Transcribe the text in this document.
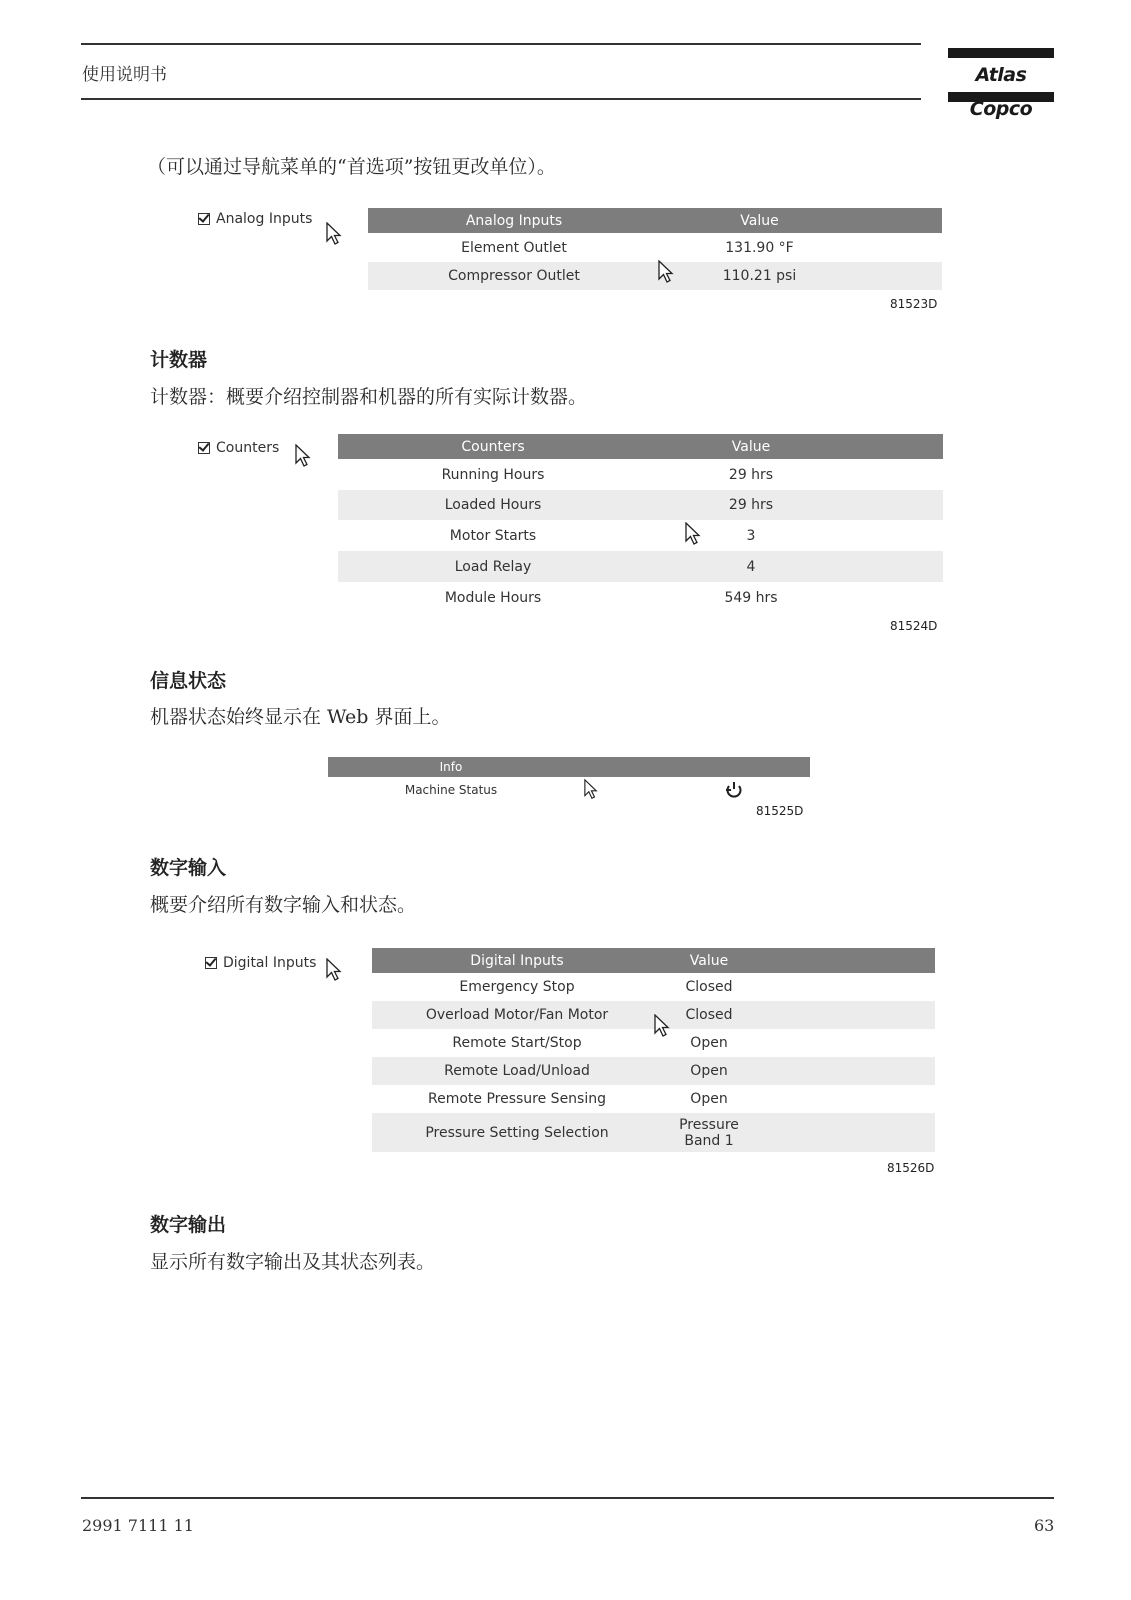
使用说明书	Atlas Copco
（可以通过导航菜单的“首选项”按钮更改单位）。
Analog Inputs	Analog Inputs	Value
Element Outlet	131.90 °F
Compressor Outlet	110.21 psi
81523D
计数器
计数器：概要介绍控制器和机器的所有实际计数器。
Counters	Counters	Value
Running Hours	29 hrs
Loaded Hours	29 hrs
Motor Starts	3
Load Relay	4
Module Hours	549 hrs
81524D
信息状态
机器状态始终显示在 Web 界面上。
Info
Machine Status
81525D
数字输入
概要介绍所有数字输入和状态。
Digital Inputs	Digital Inputs	Value
Emergency Stop	Closed
Overload Motor/Fan Motor	Closed
Remote Start/Stop	Open
Remote Load/Unload	Open
Remote Pressure Sensing	Open
Pressure Setting Selection	Pressure
Band 1
81526D
数字输出
显示所有数字输出及其状态列表。
2991 7111 11	63
